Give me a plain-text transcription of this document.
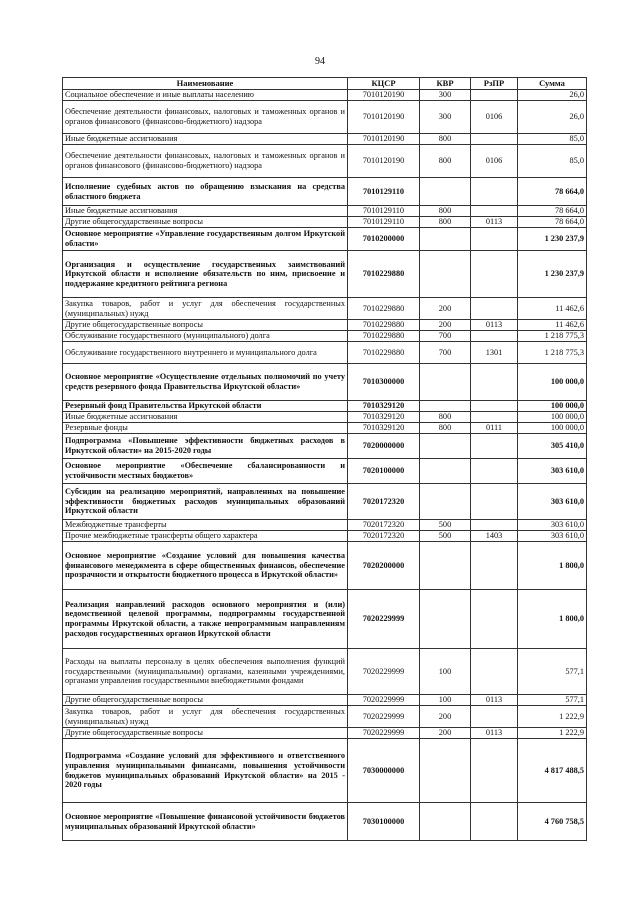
94
Наименование	КЦСР	КВР	РзПР	Сумма
Социальное обеспечение и иные выплаты населению	7010120190	300		26,0
Обеспечение деятельности финансовых, налоговых и таможенных органов и органов финансового (финансово-бюджетного) надзора	7010120190	300	0106	26,0
Иные бюджетные ассигнования	7010120190	800		85,0
Обеспечение деятельности финансовых, налоговых и таможенных органов и органов финансового (финансово-бюджетного) надзора	7010120190	800	0106	85,0
Исполнение судебных актов по обращению взыскания на средства областного бюджета	7010129110			78 664,0
Иные бюджетные ассигнования	7010129110	800		78 664,0
Другие общегосударственные вопросы	7010129110	800	0113	78 664,0
Основное мероприятие «Управление государственным долгом Иркутской области»	7010200000			1 230 237,9
Организация и осуществление государственных заимствований Иркутской области и исполнение обязательств по ним, присвоение и поддержание кредитного рейтинга региона	7010229880			1 230 237,9
Закупка товаров, работ и услуг для обеспечения государственных (муниципальных) нужд	7010229880	200		11 462,6
Другие общегосударственные вопросы	7010229880	200	0113	11 462,6
Обслуживание государственного (муниципального) долга	7010229880	700		1 218 775,3
Обслуживание государственного внутреннего и муниципального долга	7010229880	700	1301	1 218 775,3
Основное мероприятие «Осуществление отдельных полномочий по учету средств резервного фонда Правительства Иркутской области»	7010300000			100 000,0
Резервный фонд Правительства Иркутской области	7010329120			100 000,0
Иные бюджетные ассигнования	7010329120	800		100 000,0
Резервные фонды	7010329120	800	0111	100 000,0
Подпрограмма «Повышение эффективности бюджетных расходов в Иркутской области» на 2015-2020 годы	7020000000			305 410,0
Основное мероприятие «Обеспечение сбалансированности и устойчивости местных бюджетов»	7020100000			303 610,0
Субсидии на реализацию мероприятий, направленных на повышение эффективности бюджетных расходов муниципальных образований Иркутской области	7020172320			303 610,0
Межбюджетные трансферты	7020172320	500		303 610,0
Прочие межбюджетные трансферты общего характера	7020172320	500	1403	303 610,0
Основное мероприятие «Создание условий для повышения качества финансового менеджмента в сфере общественных финансов, обеспечение прозрачности и открытости бюджетного процесса в Иркутской области»	7020200000			1 800,0
Реализация направлений расходов основного мероприятия и (или) ведомственной целевой программы, подпрограммы государственной программы Иркутской области, а также непрограммным направлениям расходов государственных органов Иркутской области	7020229999			1 800,0
Расходы на выплаты персоналу в целях обеспечения выполнения функций государственными (муниципальными) органами, казенными учреждениями, органами управления государственными внебюджетными фондами	7020229999	100		577,1
Другие общегосударственные вопросы	7020229999	100	0113	577,1
Закупка товаров, работ и услуг для обеспечения государственных (муниципальных) нужд	7020229999	200		1 222,9
Другие общегосударственные вопросы	7020229999	200	0113	1 222,9
Подпрограмма «Создание условий для эффективного и ответственного управления муниципальными финансами, повышения устойчивости бюджетов муниципальных образований Иркутской области» на 2015 - 2020 годы	7030000000			4 817 488,5
Основное мероприятие «Повышение финансовой устойчивости бюджетов муниципальных образований Иркутской области»	7030100000			4 760 758,5
